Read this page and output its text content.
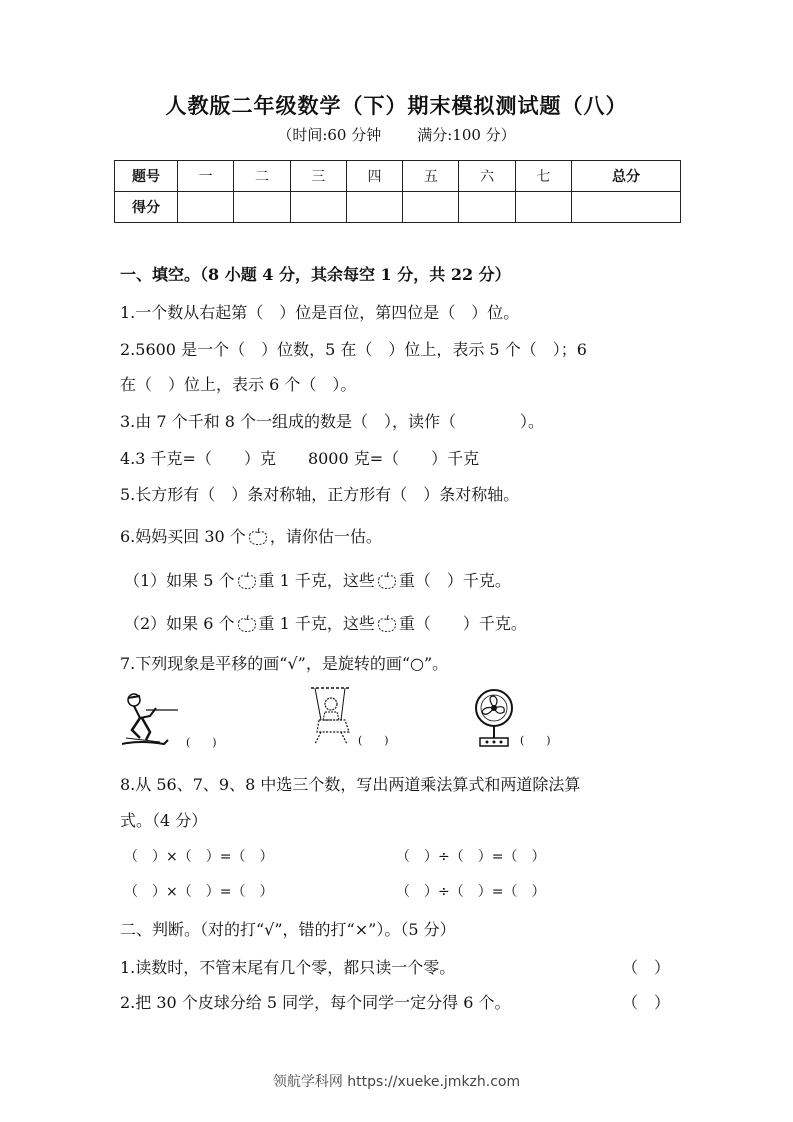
人教版二年级数学（下）期末模拟测试题（八）
（时间:60 分钟 满分:100 分）
题号	一	二	三	四	五	六	七	总分
得分								
一、填空。（8 小题 4 分，其余每空 1 分，共 22 分）
1.一个数从右起第（　）位是百位，第四位是（　）位。
2.5600 是一个（　）位数，5 在（　）位上，表示 5 个（　）；6
在（　）位上，表示 6 个（　）。
3.由 7 个千和 8 个一组成的数是（　），读作（　　　　）。
4.3 千克=（　　）克　　8000 克=（　　）千克
5.长方形有（　）条对称轴，正方形有（　）条对称轴。
6.妈妈买回 30 个 ，请你估一估。
（1）如果 5 个 重 1 千克，这些 重（　）千克。
（2）如果 6 个 重 1 千克，这些 重（　　）千克。
7.下列现象是平移的画“√”，是旋转的画“○”。
(　　)	(　　)	(　　)
8.从 56、7、9、8 中选三个数，写出两道乘法算式和两道除法算
式。（4 分）
（　）×（　）=（　）	（　）÷（　）=（　）
（　）×（　）=（　）	（　）÷（　）=（　）
二、判断。（对的打“√”，错的打“×”）。（5 分）
1.读数时，不管末尾有几个零，都只读一个零。	（　）
2.把 30 个皮球分给 5 同学，每个同学一定分得 6 个。	（　）
领航学科网 https://xueke.jmkzh.com
